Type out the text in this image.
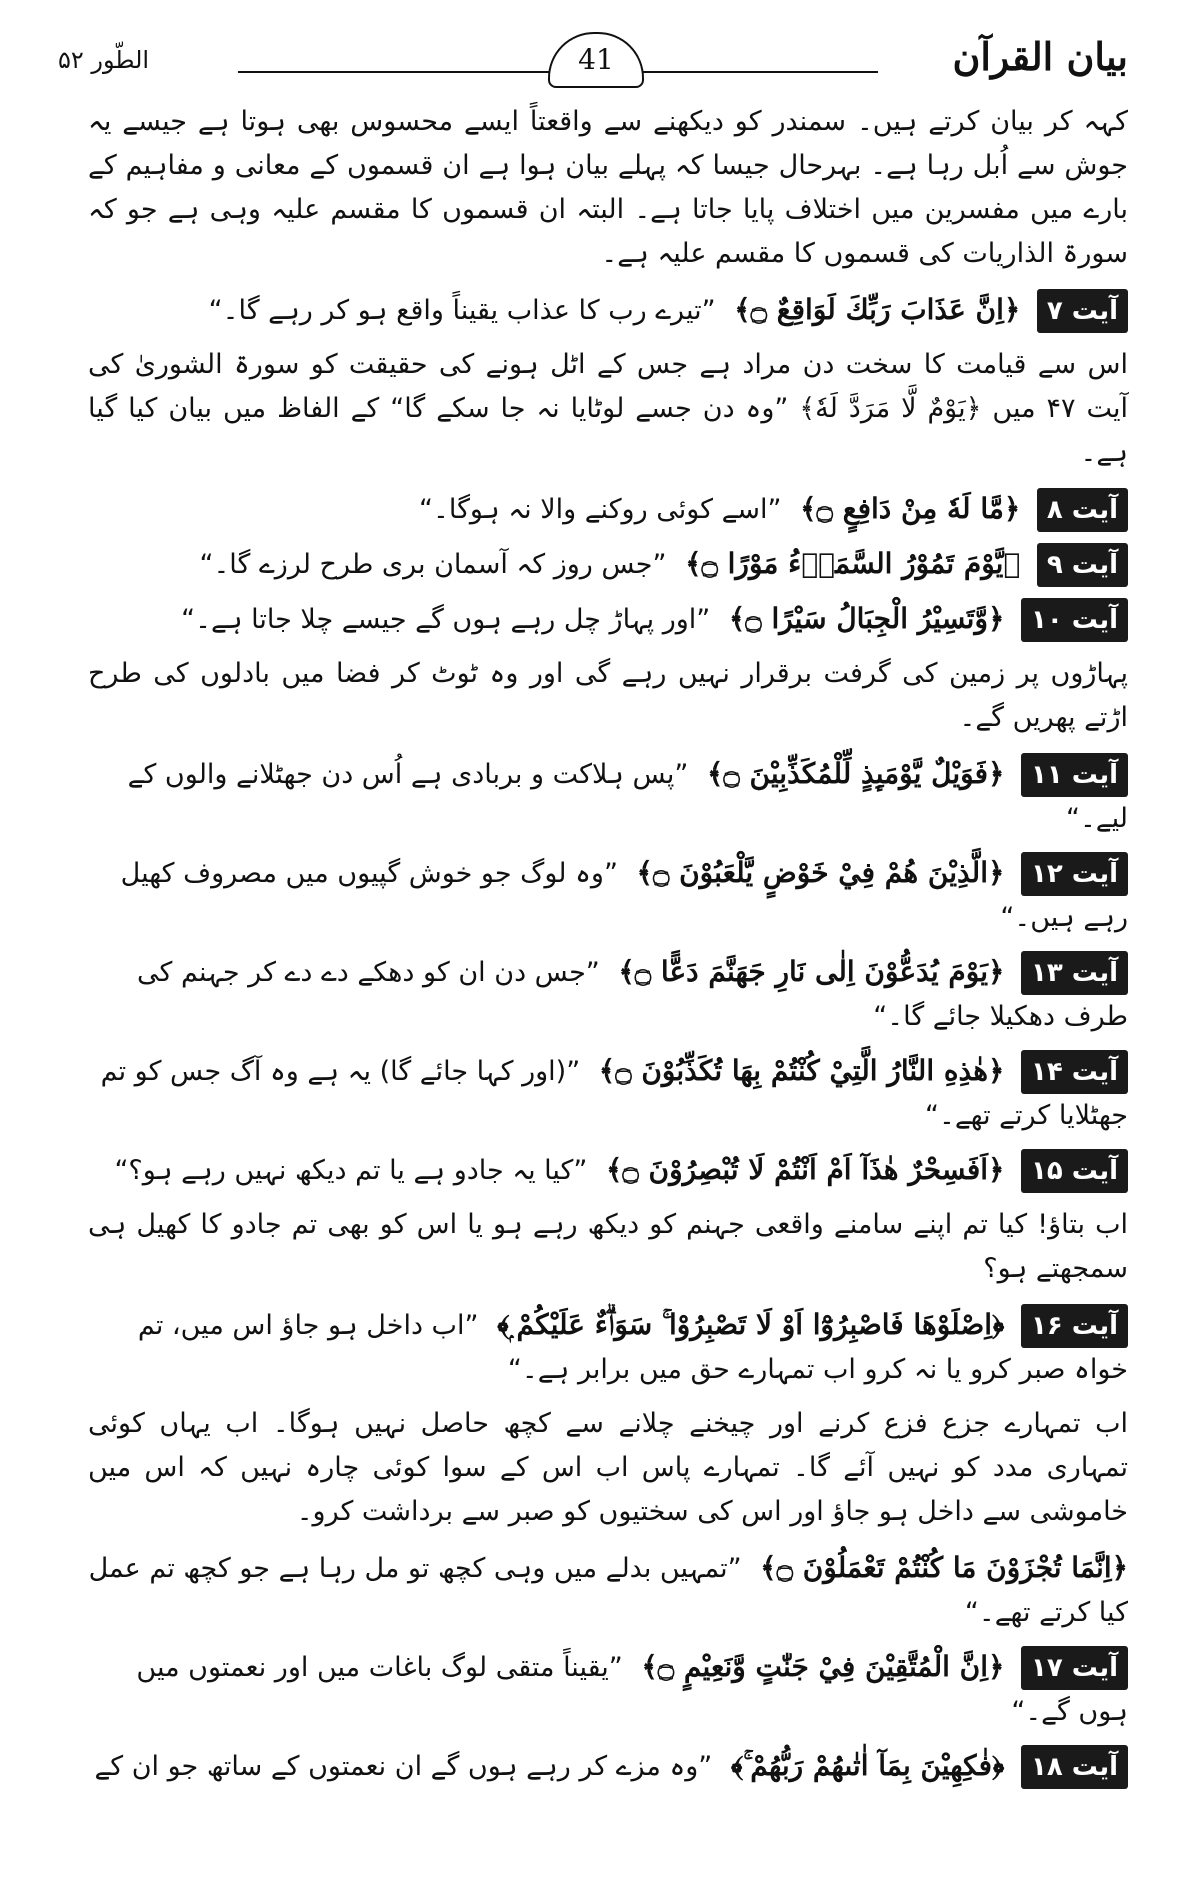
بیان القرآن
41
الطّور ۵۲

کہہ کر بیان کرتے ہیں۔ سمندر کو دیکھنے سے واقعتاً ایسے محسوس بھی ہوتا ہے جیسے یہ جوش سے اُبل رہا ہے۔ بہرحال جیسا کہ پہلے بیان ہوا ہے ان قسموں کے معانی و مفاہیم کے بارے میں مفسرین میں اختلاف پایا جاتا ہے۔ البتہ ان قسموں کا مقسم علیہ وہی ہے جو کہ سورۃ الذاریات کی قسموں کا مقسم علیہ ہے۔

آیت ۷ ﴿اِنَّ عَذَابَ رَبِّكَ لَوَاقِعٌ ۝﴾ ”تیرے رب کا عذاب یقیناً واقع ہو کر رہے گا۔“

اس سے قیامت کا سخت دن مراد ہے جس کے اٹل ہونے کی حقیقت کو سورۃ الشوریٰ کی آیت ۴۷ میں ﴿يَوْمٌ لَّا مَرَدَّ لَهٗ﴾ ”وہ دن جسے لوٹایا نہ جا سکے گا“ کے الفاظ میں بیان کیا گیا ہے۔

آیت ۸ ﴿مَّا لَهٗ مِنْ دَافِعٍ ۝﴾ ”اسے کوئی روکنے والا نہ ہوگا۔“
آیت ۹ ﴿يَّوْمَ تَمُوْرُ السَّمَاۗءُ مَوْرًا ۝﴾ ”جس روز کہ آسمان بری طرح لرزے گا۔“
آیت ۱۰ ﴿وَّتَسِيْرُ الْجِبَالُ سَيْرًا ۝﴾ ”اور پہاڑ چل رہے ہوں گے جیسے چلا جاتا ہے۔“

پہاڑوں پر زمین کی گرفت برقرار نہیں رہے گی اور وہ ٹوٹ کر فضا میں بادلوں کی طرح اڑتے پھریں گے۔

آیت ۱۱ ﴿فَوَيْلٌ يَّوْمَىِٕذٍ لِّلْمُكَذِّبِيْنَ ۝﴾ ”پس ہلاکت و بربادی ہے اُس دن جھٹلانے والوں کے لیے۔“
آیت ۱۲ ﴿الَّذِيْنَ هُمْ فِيْ خَوْضٍ يَّلْعَبُوْنَ ۝﴾ ”وہ لوگ جو خوش گپیوں میں مصروف کھیل رہے ہیں۔“
آیت ۱۳ ﴿يَوْمَ يُدَعُّوْنَ اِلٰى نَارِ جَهَنَّمَ دَعًّا ۝﴾ ”جس دن ان کو دھکے دے دے کر جہنم کی طرف دھکیلا جائے گا۔“
آیت ۱۴ ﴿هٰذِهِ النَّارُ الَّتِيْ كُنْتُمْ بِهَا تُكَذِّبُوْنَ ۝﴾ ”(اور کہا جائے گا) یہ ہے وہ آگ جس کو تم جھٹلایا کرتے تھے۔“
آیت ۱۵ ﴿اَفَسِحْرٌ هٰذَآ اَمْ اَنْتُمْ لَا تُبْصِرُوْنَ ۝﴾ ”کیا یہ جادو ہے یا تم دیکھ نہیں رہے ہو؟“

اب بتاؤ! کیا تم اپنے سامنے واقعی جہنم کو دیکھ رہے ہو یا اس کو بھی تم جادو کا کھیل ہی سمجھتے ہو؟

آیت ۱۶ ﴿اِصْلَوْهَا فَاصْبِرُوْٓا اَوْ لَا تَصْبِرُوْا ۚ سَوَاۗءٌ عَلَيْكُمْ ۭ﴾ ”اب داخل ہو جاؤ اس میں، تم خواہ صبر کرو یا نہ کرو اب تمہارے حق میں برابر ہے۔“

اب تمہارے جزع فزع کرنے اور چیخنے چلانے سے کچھ حاصل نہیں ہوگا۔ اب یہاں کوئی تمہاری مدد کو نہیں آئے گا۔ تمہارے پاس اب اس کے سوا کوئی چارہ نہیں کہ اس میں خاموشی سے داخل ہو جاؤ اور اس کی سختیوں کو صبر سے برداشت کرو۔

﴿اِنَّمَا تُجْزَوْنَ مَا كُنْتُمْ تَعْمَلُوْنَ ۝﴾ ”تمہیں بدلے میں وہی کچھ تو مل رہا ہے جو کچھ تم عمل کیا کرتے تھے۔“
آیت ۱۷ ﴿اِنَّ الْمُتَّقِيْنَ فِيْ جَنّٰتٍ وَّنَعِيْمٍ ۝﴾ ”یقیناً متقی لوگ باغات میں اور نعمتوں میں ہوں گے۔“
آیت ۱۸ ﴿فٰكِهِيْنَ بِمَآ اٰتٰىهُمْ رَبُّهُمْ ۚ﴾ ”وہ مزے کر رہے ہوں گے ان نعمتوں کے ساتھ جو ان کے
